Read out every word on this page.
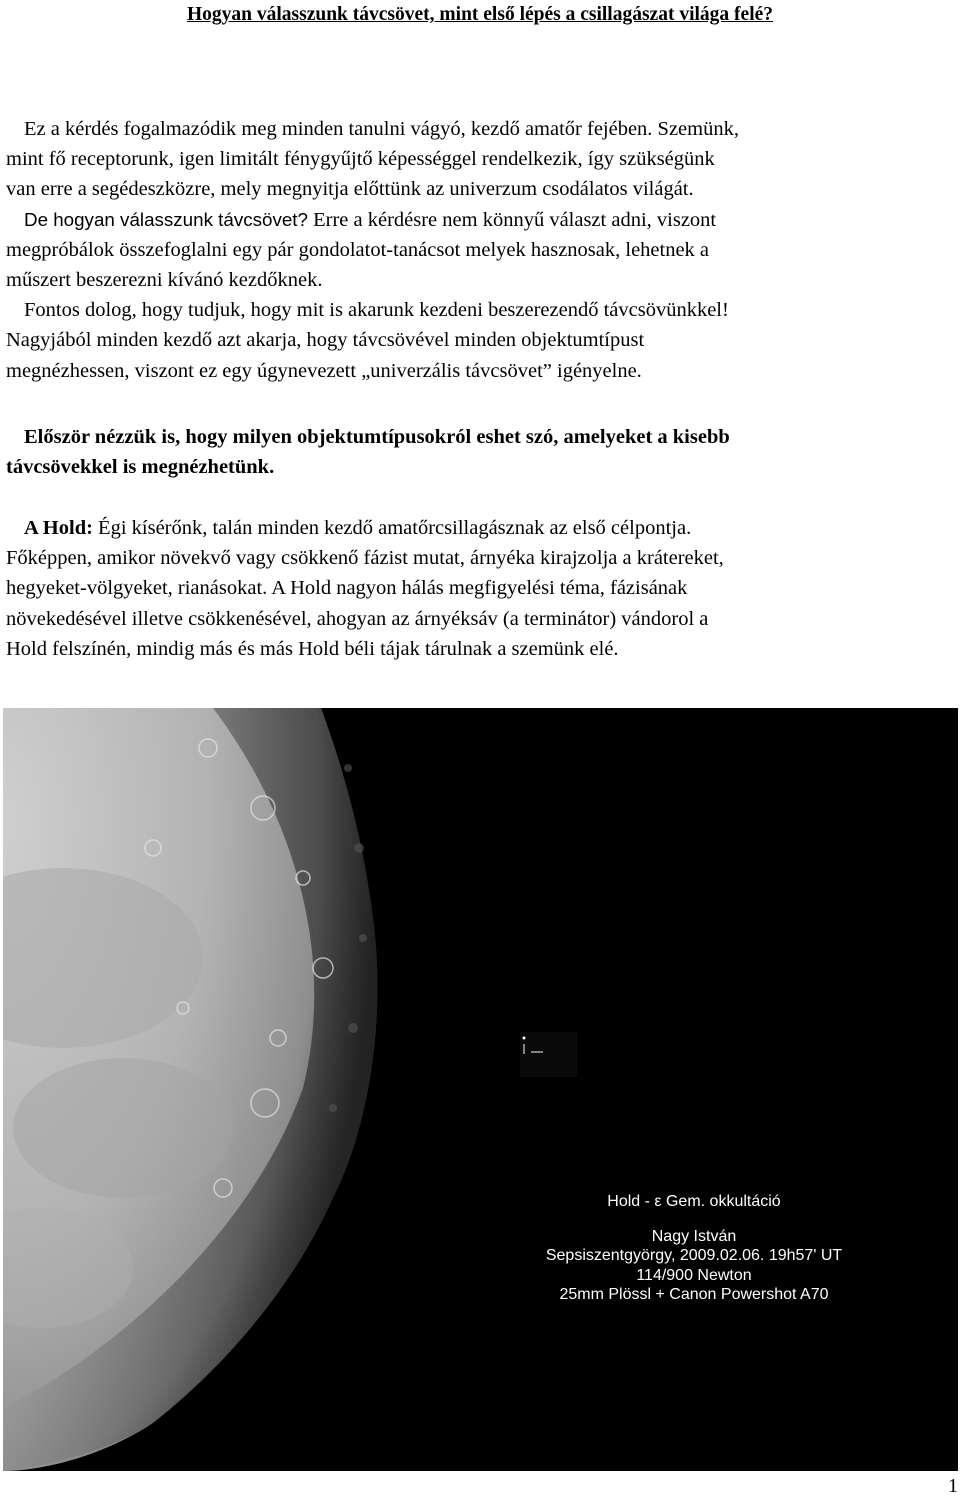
Hogyan válasszunk távcsövet, mint első lépés a csillagászat világa felé?
Ez a kérdés fogalmazódik meg minden tanulni vágyó, kezdő amatőr fejében. Szemünk,
mint fő receptorunk, igen limitált fénygyűjtő képességgel rendelkezik, így szükségünk
van erre a segédeszközre, mely megnyitja előttünk az univerzum csodálatos világát.
De hogyan válasszunk távcsövet? Erre a kérdésre nem könnyű választ adni, viszont
megpróbálok összefoglalni egy pár gondolatot-tanácsot melyek hasznosak, lehetnek a
műszert beszerezni kívánó kezdőknek.
Fontos dolog, hogy tudjuk, hogy mit is akarunk kezdeni beszerezendő távcsövünkkel!
Nagyjából minden kezdő azt akarja, hogy távcsövével minden objektumtípust
megnézhessen, viszont ez egy úgynevezett „univerzális távcsövet” igényelne.
Először nézzük is, hogy milyen objektumtípusokról eshet szó, amelyeket a kisebb
távcsövekkel is megnézhetünk.
A Hold: Égi kísérőnk, talán minden kezdő amatőrcsillagásznak az első célpontja.
Főképpen, amikor növekvő vagy csökkenő fázist mutat, árnyéka kirajzolja a krátereket,
hegyeket-völgyeket, rianásokat. A Hold nagyon hálás megfigyelési téma, fázisának
növekedésével illetve csökkenésével, ahogyan az árnyéksáv (a terminátor) vándorol a
Hold felszínén, mindig más és más Hold béli tájak tárulnak a szemünk elé.
Hold - ε Gem. okkultáció
Nagy István
Sepsiszentgyörgy, 2009.02.06. 19h57' UT
114/900 Newton
25mm Plössl + Canon Powershot A70
1
